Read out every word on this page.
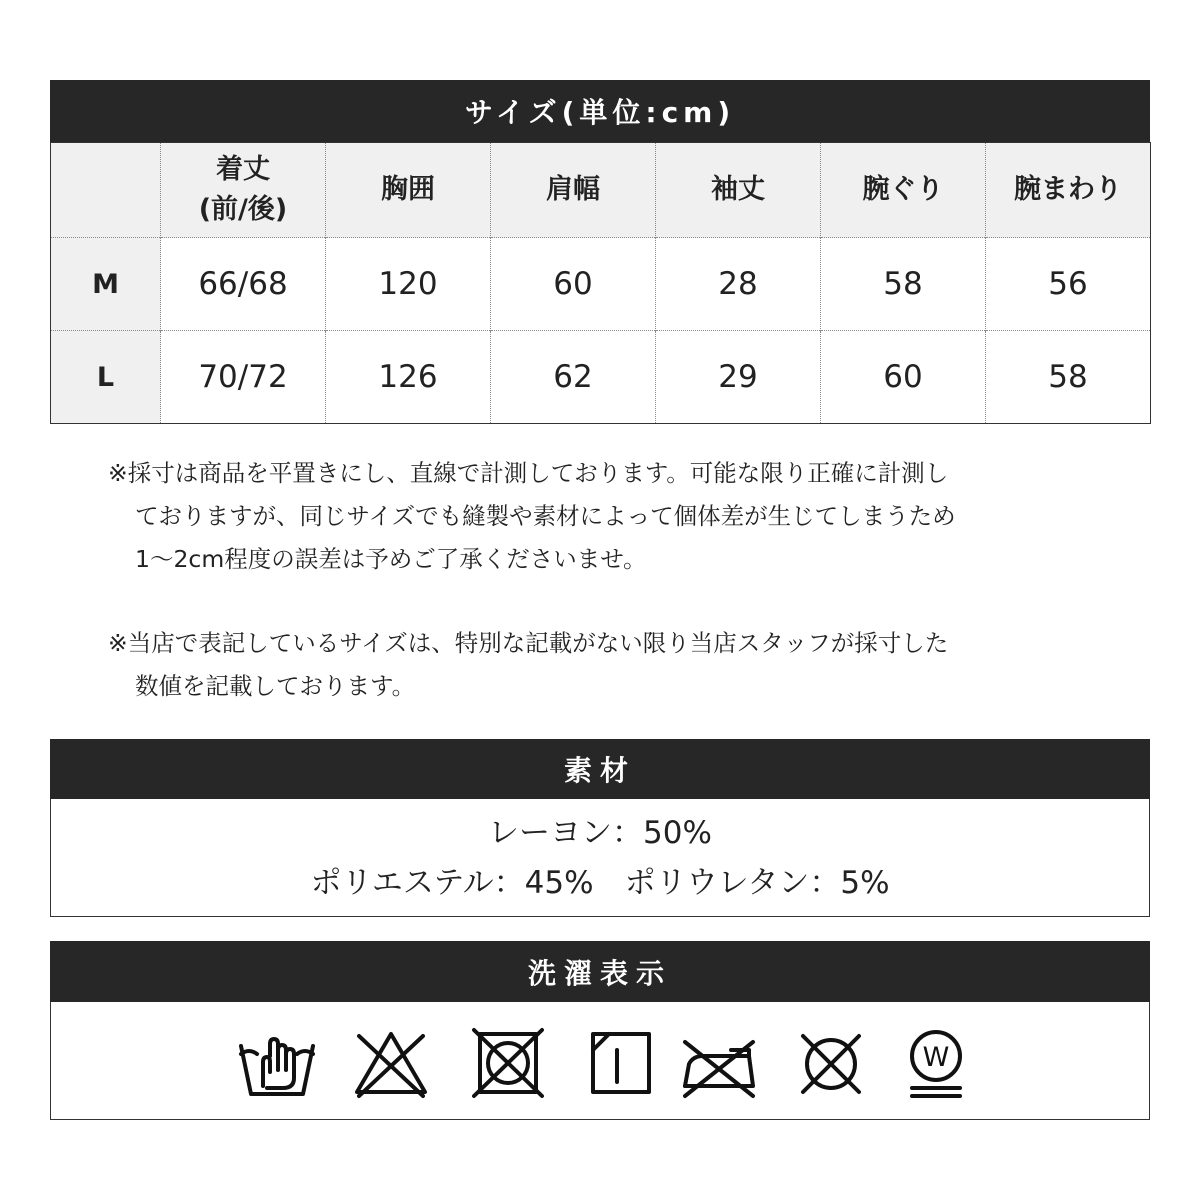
サイズ(単位:cm)

	着丈
(前/後)	胸囲	肩幅	袖丈	腕ぐり	腕まわり
M	66/68	120	60	28	58	56
L	70/72	126	62	29	60	58
※採寸は商品を平置きにし、直線で計測しております。可能な限り正確に計測し
ておりますが、同じサイズでも縫製や素材によって個体差が生じてしまうため
1〜2cm程度の誤差は予めご了承くださいませ。
※当店で表記しているサイズは、特別な記載がない限り当店スタッフが採寸した
数値を記載しております。
素材
レーヨン：50%
ポリエステル：45%　ポリウレタン：5%
洗濯表示
W
